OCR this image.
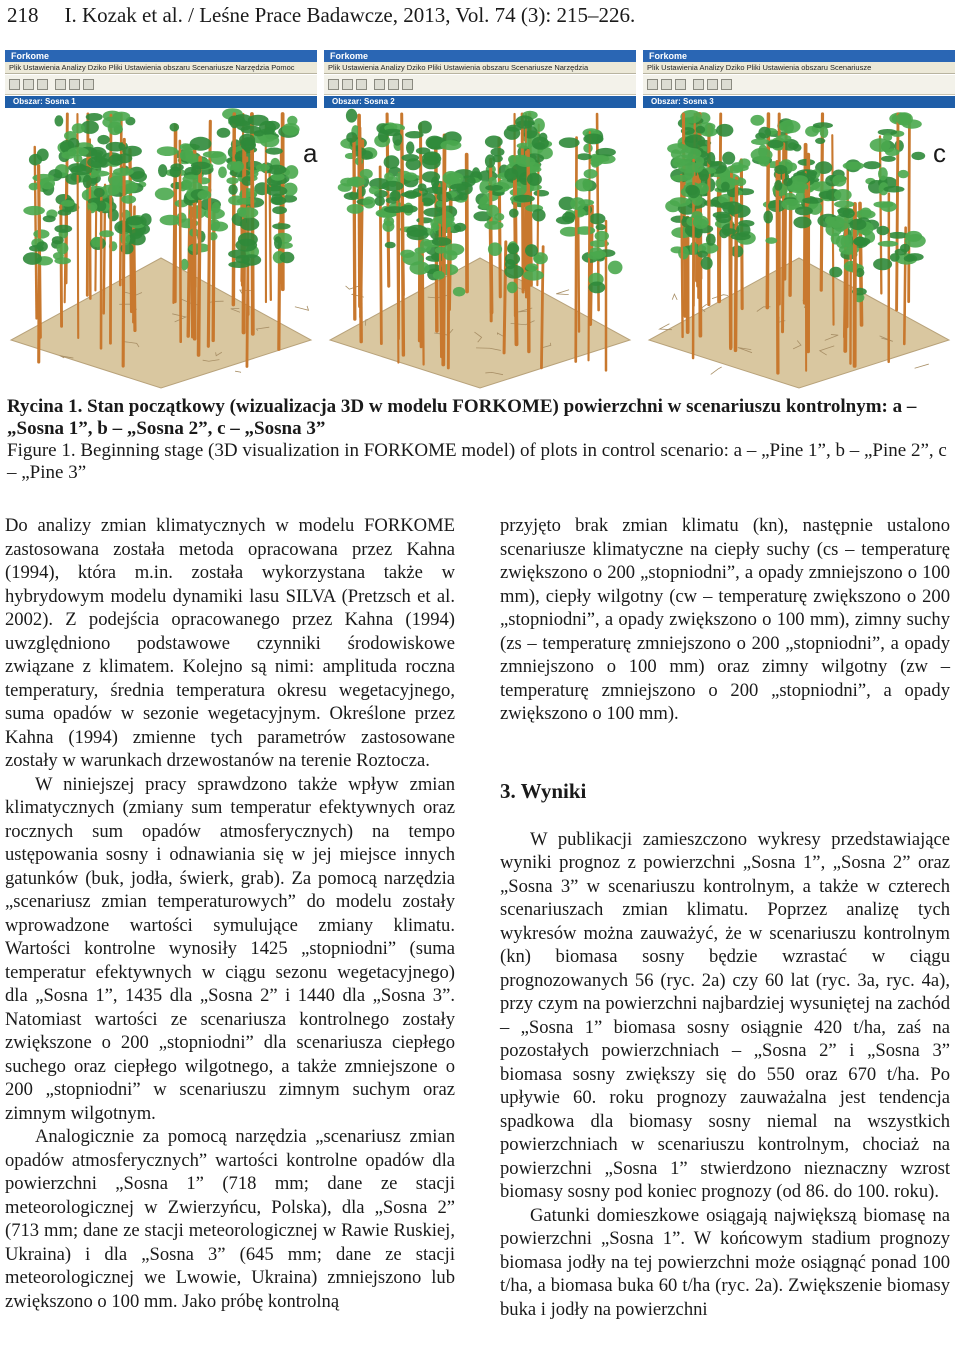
218 I. Kozak et al. / Leśne Prace Badawcze, 2013, Vol. 74 (3): 215–226.
Forkome
Plik Ustawienia Analizy Dziko Pliki Ustawienia obszaru Scenariusze Narzędzia Pomoc
Obszar: Sosna 1
a
Forkome
Plik Ustawienia Analizy Dziko Pliki Ustawienia obszaru Scenariusze Narzędzia
Obszar: Sosna 2
Forkome
Plik Ustawienia Analizy Dziko Pliki Ustawienia obszaru Scenariusze
Obszar: Sosna 3
c
Rycina 1. Stan początkowy (wizualizacja 3D w modelu FORKOME) powierzchni w scenariuszu kontrolnym: a – „Sosna 1”, b – „Sosna 2”, c – „Sosna 3”
Figure 1. Beginning stage (3D visualization in FORKOME model) of plots in control scenario: a – „Pine 1”, b – „Pine 2”, c – „Pine 3”

Do analizy zmian klimatycznych w modelu FORKOME zastosowana została metoda opracowana przez Kahna (1994), która m.in. została wykorzystana także w hybrydowym modelu dynamiki lasu SILVA (Pretzsch et al. 2002). Z podejścia opracowanego przez Kahna (1994) uwzględniono podstawowe czynniki środowiskowe związane z klimatem. Kolejno są nimi: amplituda roczna temperatury, średnia temperatura okresu wegetacyjnego, suma opadów w sezonie wegetacyjnym. Określone przez Kahna (1994) zmienne tych parametrów zastosowane zostały w warunkach drzewostanów na terenie Roztocza.

W niniejszej pracy sprawdzono także wpływ zmian klimatycznych (zmiany sum temperatur efektywnych oraz rocznych sum opadów atmosferycznych) na tempo ustępowania sosny i odnawiania się w jej miejsce innych gatunków (buk, jodła, świerk, grab). Za pomocą narzędzia „scenariusz zmian temperaturowych” do modelu zostały wprowadzone wartości symulujące zmiany klimatu. Wartości kontrolne wynosiły 1425 „stopniodni” (suma temperatur efektywnych w ciągu sezonu wegetacyjnego) dla „Sosna 1”, 1435 dla „Sosna 2” i 1440 dla „Sosna 3”. Natomiast wartości ze scenariusza kontrolnego zostały zwiększone o 200 „stopniodni” dla scenariusza ciepłego suchego oraz ciepłego wilgotnego, a także zmniejszone o 200 „stopniodni” w scenariuszu zimnym suchym oraz zimnym wilgotnym.

Analogicznie za pomocą narzędzia „scenariusz zmian opadów atmosferycznych” wartości kontrolne opadów dla powierzchni „Sosna 1” (718 mm; dane ze stacji meteorologicznej w Zwierzyńcu, Polska), dla „Sosna 2” (713 mm; dane ze stacji meteorologicznej w Rawie Ruskiej, Ukraina) i dla „Sosna 3” (645 mm; dane ze stacji meteorologicznej we Lwowie, Ukraina) zmniejszono lub zwiększono o 100 mm. Jako próbę kontrolną

przyjęto brak zmian klimatu (kn), następnie ustalono scenariusze klimatyczne na ciepły suchy (cs – temperaturę zwiększono o 200 „stopniodni”, a opady zmniejszono o 100 mm), ciepły wilgotny (cw – temperaturę zwiększono o 200 „stopniodni”, a opady zwiększono o 100 mm), zimny suchy (zs – temperaturę zmniejszono o 200 „stopniodni”, a opady zmniejszono o 100 mm) oraz zimny wilgotny (zw – temperaturę zmniejszono o 200 „stopniodni”, a opady zwiększono o 100 mm).

3. Wyniki

W publikacji zamieszczono wykresy przedstawiające wyniki prognoz z powierzchni „Sosna 1”, „Sosna 2” oraz „Sosna 3” w scenariuszu kontrolnym, a także w czterech scenariuszach zmian klimatu. Poprzez analizę tych wykresów można zauważyć, że w scenariuszu kontrolnym (kn) biomasa sosny będzie wzrastać w ciągu prognozowanych 56 (ryc. 2a) czy 60 lat (ryc. 3a, ryc. 4a), przy czym na powierzchni najbardziej wysuniętej na zachód – „Sosna 1” biomasa sosny osiągnie 420 t/ha, zaś na pozostałych powierzchniach – „Sosna 2” i „Sosna 3” biomasa sosny zwiększy się do 550 oraz 670 t/ha. Po upływie 60. roku prognozy zauważalna jest tendencja spadkowa dla biomasy sosny niemal na wszystkich powierzchniach w scenariuszu kontrolnym, chociaż na powierzchni „Sosna 1” stwierdzono nieznaczny wzrost biomasy sosny pod koniec prognozy (od 86. do 100. roku).

Gatunki domieszkowe osiągają największą biomasę na powierzchni „Sosna 1”. W końcowym stadium prognozy biomasa jodły na tej powierzchni może osiągnąć ponad 100 t/ha, a biomasa buka 60 t/ha (ryc. 2a). Zwiększenie biomasy buka i jodły na powierzchni
